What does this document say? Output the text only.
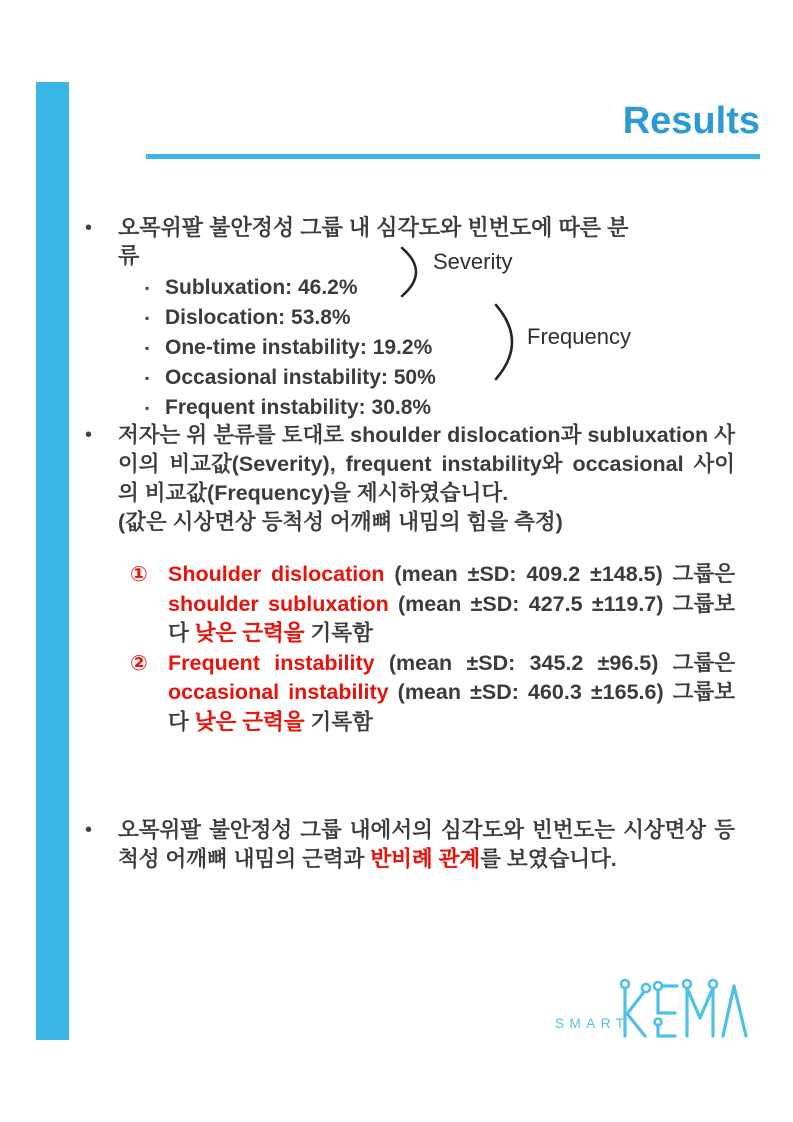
Results
•	오목위팔 불안정성 그룹 내 심각도와 빈번도에 따른 분류
▪ Subluxation: 46.2%
▪ Dislocation: 53.8%
▪ One-time instability: 19.2%
▪ Occasional instability: 50%
▪ Frequent instability: 30.8%
Severity
Frequency
•	저자는 위 분류를 토대로 shoulder dislocation과 subluxation 사이의 비교값(Severity), frequent instability와 occasional 사이의 비교값(Frequency)을 제시하였습니다.
(값은 시상면상 등척성 어깨뼈 내밈의 힘을 측정)
① Shoulder dislocation (mean ±SD: 409.2 ±148.5) 그룹은 shoulder subluxation (mean ±SD: 427.5 ±119.7) 그룹보다 낮은 근력을 기록함
② Frequent instability (mean ±SD: 345.2 ±96.5) 그룹은 occasional instability (mean ±SD: 460.3 ±165.6) 그룹보다 낮은 근력을 기록함
•	오목위팔 불안정성 그룹 내에서의 심각도와 빈번도는 시상면상 등척성 어깨뼈 내밈의 근력과 반비례 관계를 보였습니다.
SMART
